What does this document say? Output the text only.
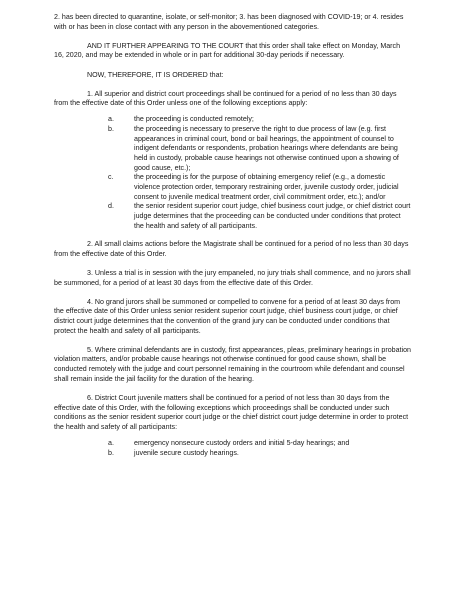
2. has been directed to quarantine, isolate, or self-monitor; 3. has been diagnosed with COVID-19; or 4. resides with or has been in close contact with any person in the abovementioned categories.

AND IT FURTHER APPEARING TO THE COURT that this order shall take effect on Monday, March 16, 2020, and may be extended in whole or in part for additional 30-day periods if necessary.

NOW, THEREFORE, IT IS ORDERED that:

1. All superior and district court proceedings shall be continued for a period of no less than 30 days from the effective date of this Order unless one of the following exceptions apply:

a.	the proceeding is conducted remotely;
b.	the proceeding is necessary to preserve the right to due process of law (e.g. first appearances in criminal court, bond or bail hearings, the appointment of counsel to indigent defendants or respondents, probation hearings where defendants are being held in custody, probable cause hearings not otherwise continued upon a showing of good cause, etc.);
c.	the proceeding is for the purpose of obtaining emergency relief (e.g., a domestic violence protection order, temporary restraining order, juvenile custody order, judicial consent to juvenile medical treatment order, civil commitment order, etc.); and/or
d.	the senior resident superior court judge, chief business court judge, or chief district court judge determines that the proceeding can be conducted under conditions that protect the health and safety of all participants.

2. All small claims actions before the Magistrate shall be continued for a period of no less than 30 days from the effective date of this Order.

3. Unless a trial is in session with the jury empaneled, no jury trials shall commence, and no jurors shall be summoned, for a period of at least 30 days from the effective date of this Order.

4. No grand jurors shall be summoned or compelled to convene for a period of at least 30 days from the effective date of this Order unless senior resident superior court judge, chief business court judge, or chief district court judge determines that the convention of the grand jury can be conducted under conditions that protect the health and safety of all participants.

5. Where criminal defendants are in custody, first appearances, pleas, preliminary hearings in probation violation matters, and/or probable cause hearings not otherwise continued for good cause shown, shall be conducted remotely with the judge and court personnel remaining in the courtroom while defendant and counsel shall remain inside the jail facility for the duration of the hearing.

6. District Court juvenile matters shall be continued for a period of not less than 30 days from the effective date of this Order, with the following exceptions which proceedings shall be conducted under such conditions as the senior resident superior court judge or the chief district court judge determine in order to protect the health and safety of all participants:

a.	emergency nonsecure custody orders and initial 5-day hearings; and
b.	juvenile secure custody hearings.
